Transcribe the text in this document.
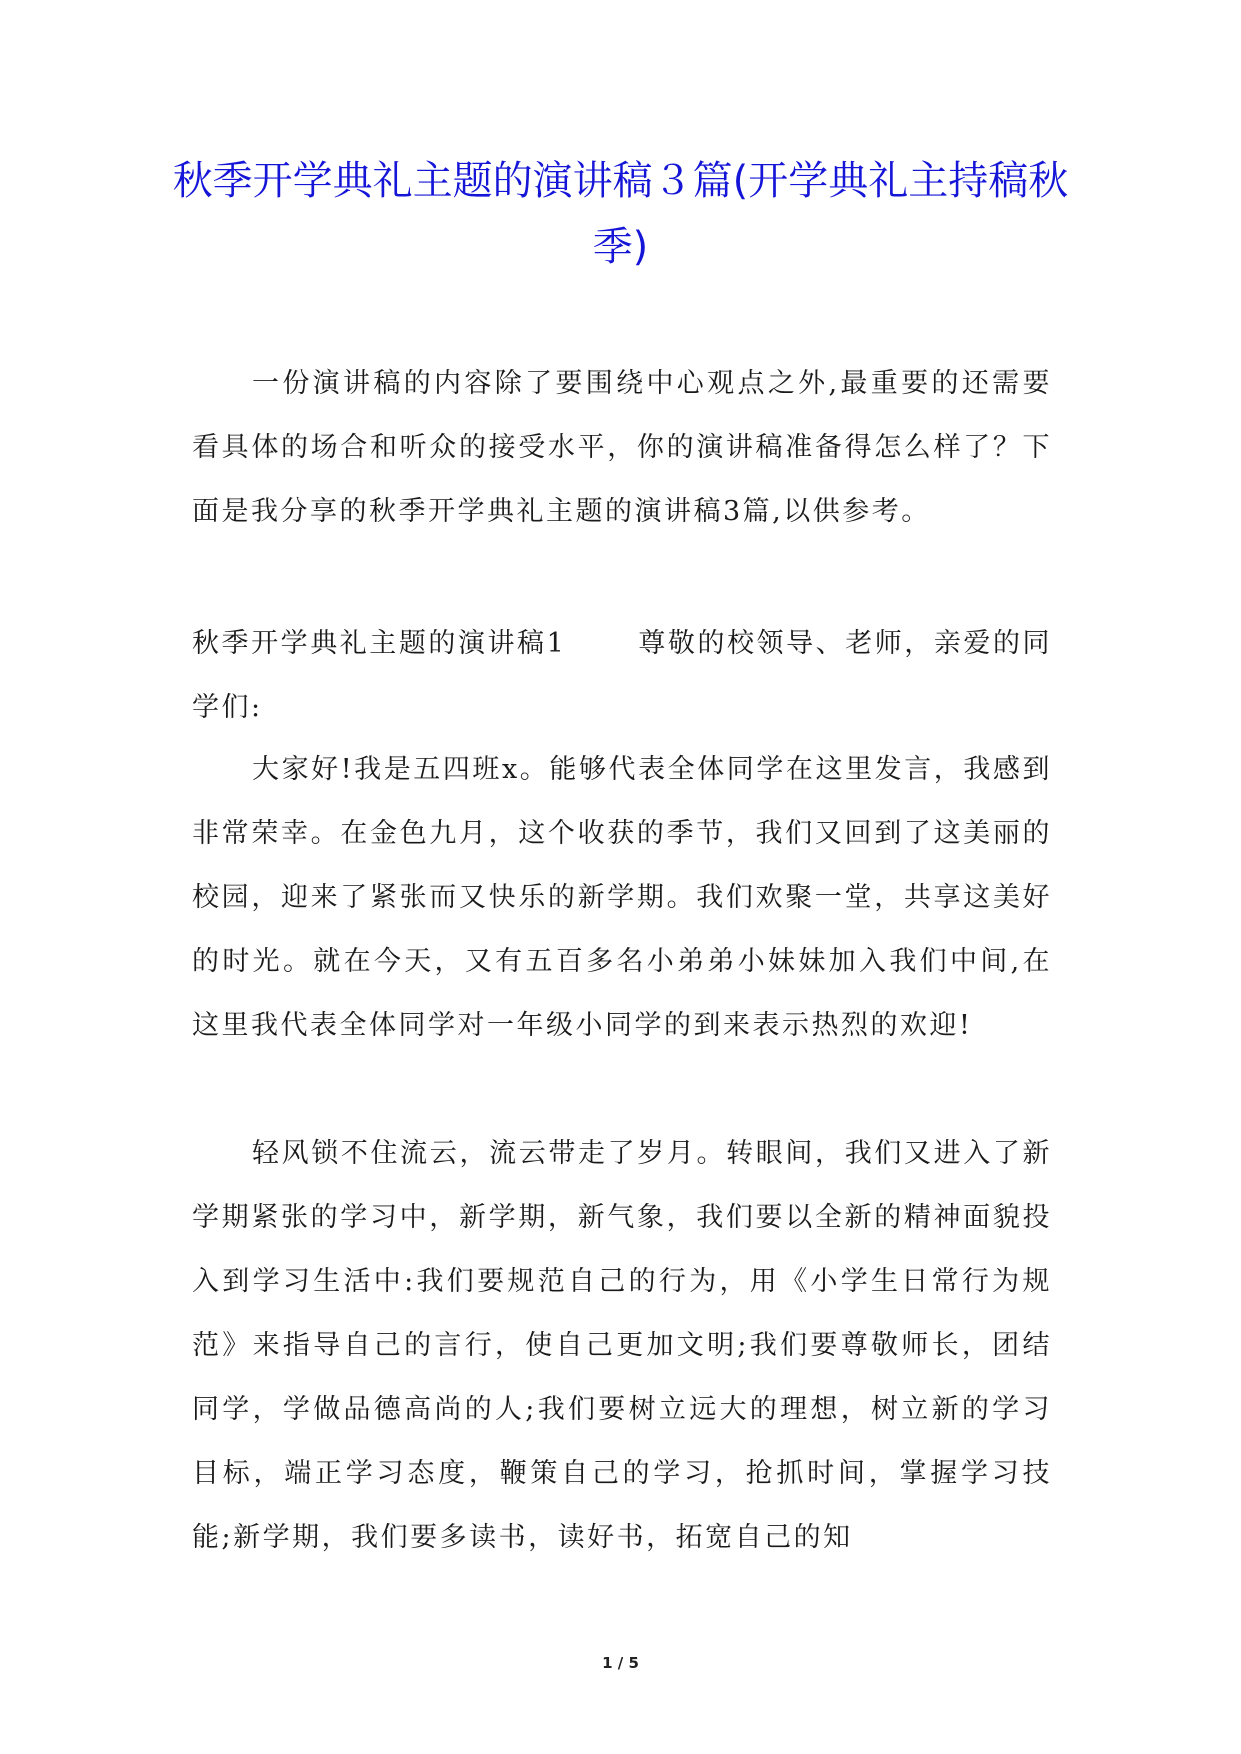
秋季开学典礼主题的演讲稿３篇(开学典礼主持稿秋季)

一份演讲稿的内容除了要围绕中心观点之外,最重要的还需要看具体的场合和听众的接受水平，你的演讲稿准备得怎么样了？下面是我分享的秋季开学典礼主题的演讲稿3篇,以供参考。

秋季开学典礼主题的演讲稿1	尊敬的校领导、老师，亲爱的同学们:

大家好!我是五四班x。能够代表全体同学在这里发言，我感到非常荣幸。在金色九月，这个收获的季节，我们又回到了这美丽的校园，迎来了紧张而又快乐的新学期。我们欢聚一堂，共享这美好的时光。就在今天，又有五百多名小弟弟小妹妹加入我们中间,在这里我代表全体同学对一年级小同学的到来表示热烈的欢迎!

轻风锁不住流云，流云带走了岁月。转眼间，我们又进入了新学期紧张的学习中，新学期，新气象，我们要以全新的精神面貌投入到学习生活中:我们要规范自己的行为，用《小学生日常行为规范》来指导自己的言行，使自己更加文明;我们要尊敬师长，团结同学，学做品德高尚的人;我们要树立远大的理想，树立新的学习目标，端正学习态度，鞭策自己的学习，抢抓时间，掌握学习技能;新学期，我们要多读书，读好书，拓宽自己的知

1 / 5
